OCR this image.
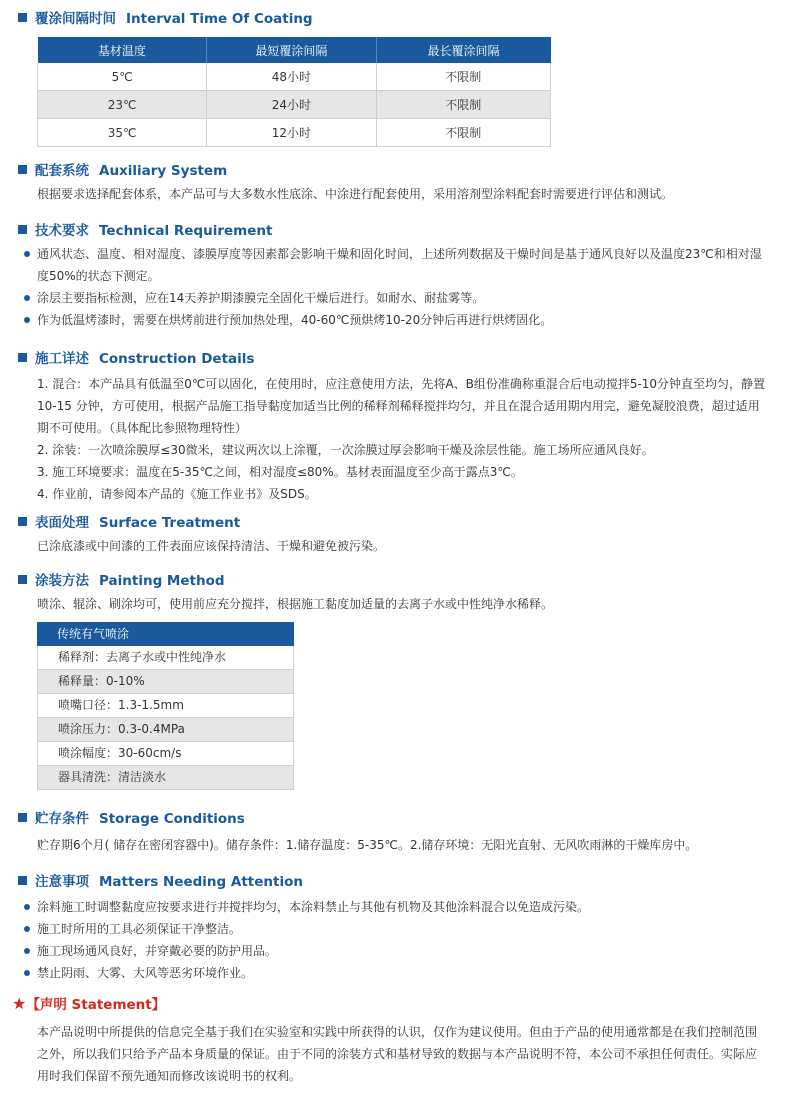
覆涂间隔时间 Interval Time Of Coating
基材温度	最短覆涂间隔	最长覆涂间隔
5℃	48小时	不限制
23℃	24小时	不限制
35℃	12小时	不限制
配套系统 Auxiliary System
根据要求选择配套体系，本产品可与大多数水性底涂、中涂进行配套使用，采用溶剂型涂料配套时需要进行评估和测试。
技术要求 Technical Requirement
通风状态、温度、相对湿度、漆膜厚度等因素都会影响干燥和固化时间，上述所列数据及干燥时间是基于通风良好以及温度23℃和相对湿度50%的状态下测定。
涂层主要指标检测，应在14天养护期漆膜完全固化干燥后进行。如耐水、耐盐雾等。
作为低温烤漆时，需要在烘烤前进行预加热处理，40-60℃预烘烤10-20分钟后再进行烘烤固化。
施工详述 Construction Details

1. 混合：本产品具有低温至0℃可以固化，在使用时，应注意使用方法，先将A、B组份准确称重混合后电动搅拌5-10分钟直至均匀，静置10-15 分钟，方可使用，根据产品施工指导黏度加适当比例的稀释剂稀释搅拌均匀，并且在混合适用期内用完，避免凝胶浪费，超过适用期不可使用。（具体配比参照物理特性）

2. 涂装：一次喷涂膜厚≤30微米，建议两次以上涂覆，一次涂膜过厚会影响干燥及涂层性能。施工场所应通风良好。

3. 施工环境要求：温度在5-35℃之间，相对湿度≤80%。基材表面温度至少高于露点3℃。

4. 作业前，请参阅本产品的《施工作业书》及SDS。

表面处理 Surface Treatment
已涂底漆或中间漆的工件表面应该保持清洁、干燥和避免被污染。
涂装方法 Painting Method
喷涂、辊涂、刷涂均可，使用前应充分搅拌，根据施工黏度加适量的去离子水或中性纯净水稀释。
传统有气喷涂
稀释剂：去离子水或中性纯净水
稀释量：0-10%
喷嘴口径：1.3-1.5mm
喷涂压力：0.3-0.4MPa
喷涂幅度：30-60cm/s
器具清洗：清洁淡水
贮存条件 Storage Conditions
贮存期6个月( 储存在密闭容器中)。储存条件：1.储存温度：5-35℃。2.储存环境：无阳光直射、无风吹雨淋的干燥库房中。
注意事项 Matters Needing Attention
涂料施工时调整黏度应按要求进行并搅拌均匀，本涂料禁止与其他有机物及其他涂料混合以免造成污染。
施工时所用的工具必须保证干净整洁。
施工现场通风良好，并穿戴必要的防护用品。
禁止阴雨、大雾、大风等恶劣环境作业。
★【声明 Statement】
本产品说明中所提供的信息完全基于我们在实验室和实践中所获得的认识，仅作为建议使用。但由于产品的使用通常都是在我们控制范围之外，所以我们只给予产品本身质量的保证。由于不同的涂装方式和基材导致的数据与本产品说明不符，本公司不承担任何责任。实际应用时我们保留不预先通知而修改该说明书的权利。
